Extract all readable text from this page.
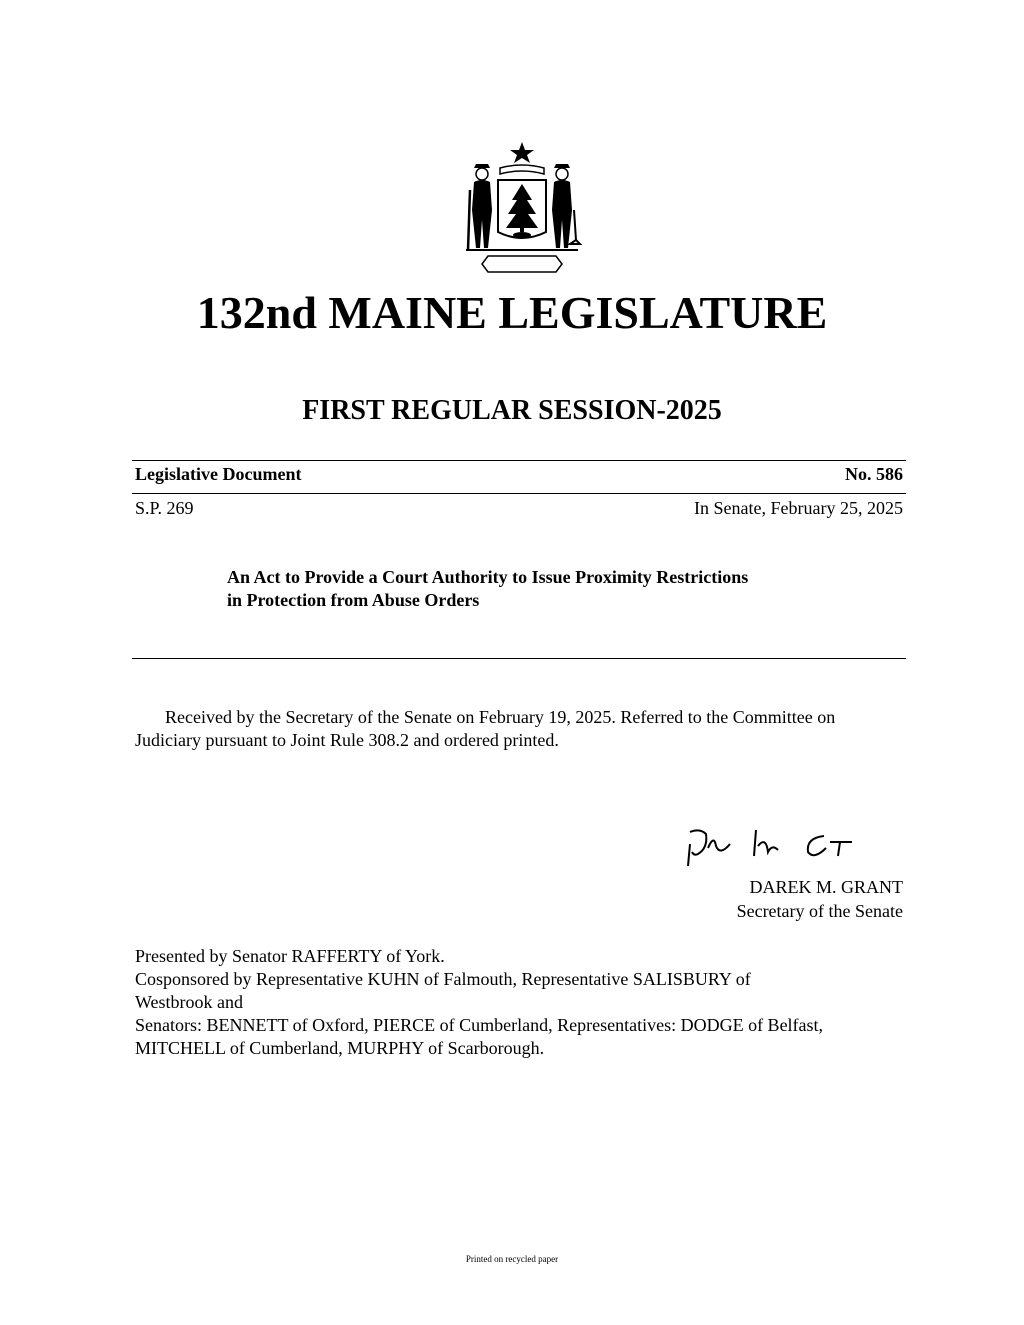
132nd MAINE LEGISLATURE
FIRST REGULAR SESSION-2025
Legislative Document	No. 586
S.P. 269	In Senate, February 25, 2025
An Act to Provide a Court Authority to Issue Proximity Restrictions
in Protection from Abuse Orders
Received by the Secretary of the Senate on February 19, 2025. Referred to the Committee on Judiciary pursuant to Joint Rule 308.2 and ordered printed.
DAREK M. GRANT
Secretary of the Senate
Presented by Senator RAFFERTY of York.
Cosponsored by Representative KUHN of Falmouth, Representative SALISBURY of
Westbrook and
Senators: BENNETT of Oxford, PIERCE of Cumberland, Representatives: DODGE of Belfast,
MITCHELL of Cumberland, MURPHY of Scarborough.
Printed on recycled paper
